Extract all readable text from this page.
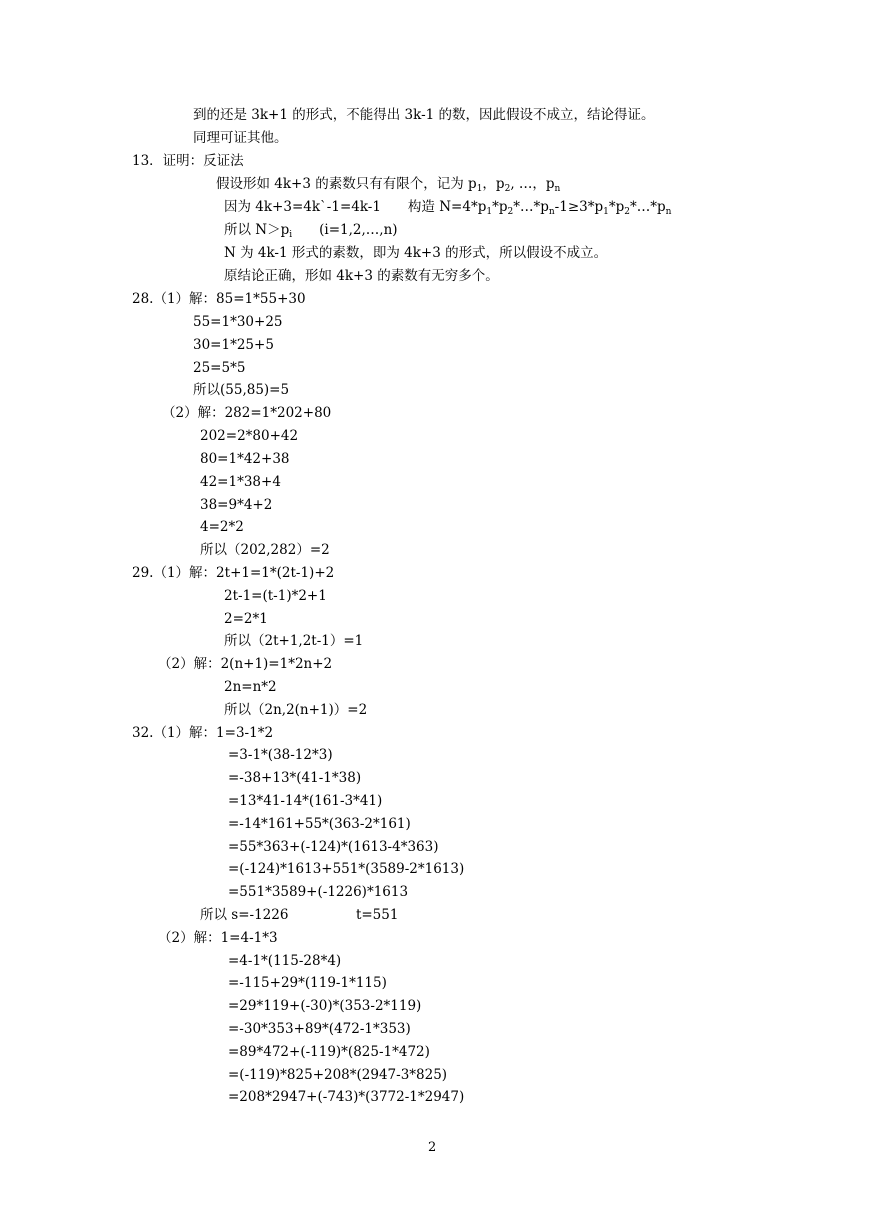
到的还是 3k+1 的形式，不能得出 3k-1 的数，因此假设不成立，结论得证。
同理可证其他。
13．证明：反证法
假设形如 4k+3 的素数只有有限个，记为 $p_1$，$p_2$, …，$p_n$
因为 4k+3=4k`-1=4k-1　　构造 $N=4*p_1*p_2*\dots*p_n-1\ge 3*p_1*p_2*\dots*p_n$
所以 $N>p_i$　　(i=1,2,…,n)
N 为 4k-1 形式的素数，即为 4k+3 的形式，所以假设不成立。
原结论正确，形如 4k+3 的素数有无穷多个。
28.（1）解：85=1*55+30
55=1*30+25
30=1*25+5
25=5*5
所以(55,85)=5
（2）解：282=1*202+80
202=2*80+42
80=1*42+38
42=1*38+4
38=9*4+2
4=2*2
所以（202,282）=2
29.（1）解：2t+1=1*(2t-1)+2
2t-1=(t-1)*2+1
2=2*1
所以（2t+1,2t-1）=1
（2）解：2(n+1)=1*2n+2
2n=n*2
所以（2n,2(n+1)）=2
32.（1）解：1=3-1*2
=3-1*(38-12*3)
=-38+13*(41-1*38)
=13*41-14*(161-3*41)
=-14*161+55*(363-2*161)
=55*363+(-124)*(1613-4*363)
=(-124)*1613+551*(3589-2*1613)
=551*3589+(-1226)*1613
所以 s=-1226　　　　　t=551
（2）解：1=4-1*3
=4-1*(115-28*4)
=-115+29*(119-1*115)
=29*119+(-30)*(353-2*119)
=-30*353+89*(472-1*353)
=89*472+(-119)*(825-1*472)
=(-119)*825+208*(2947-3*825)
=208*2947+(-743)*(3772-1*2947)
2
